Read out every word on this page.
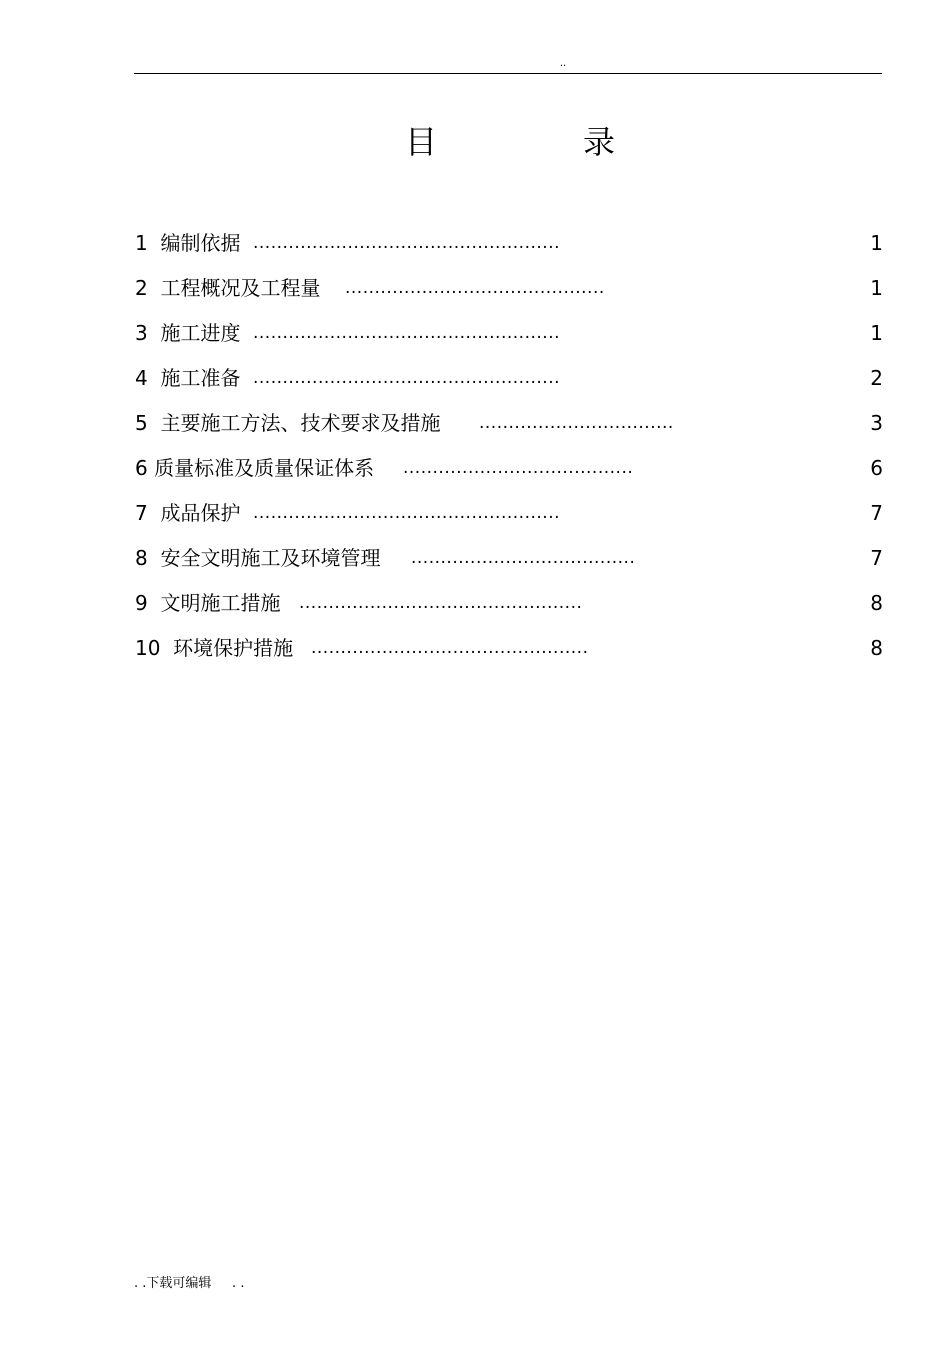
..
目	录
1  编制依据 ....................................................	1
2  工程概况及工程量 ............................................	1
3  施工进度 ....................................................	1
4  施工准备 ....................................................	2
5  主要施工方法、技术要求及措施 .................................	3
6 质量标准及质量保证体系 .......................................	6
7  成品保护 ....................................................	7
8  安全文明施工及环境管理 ......................................	7
9  文明施工措施 ................................................	8
10  环境保护措施 ...............................................	8
. .下载可编辑     . .
